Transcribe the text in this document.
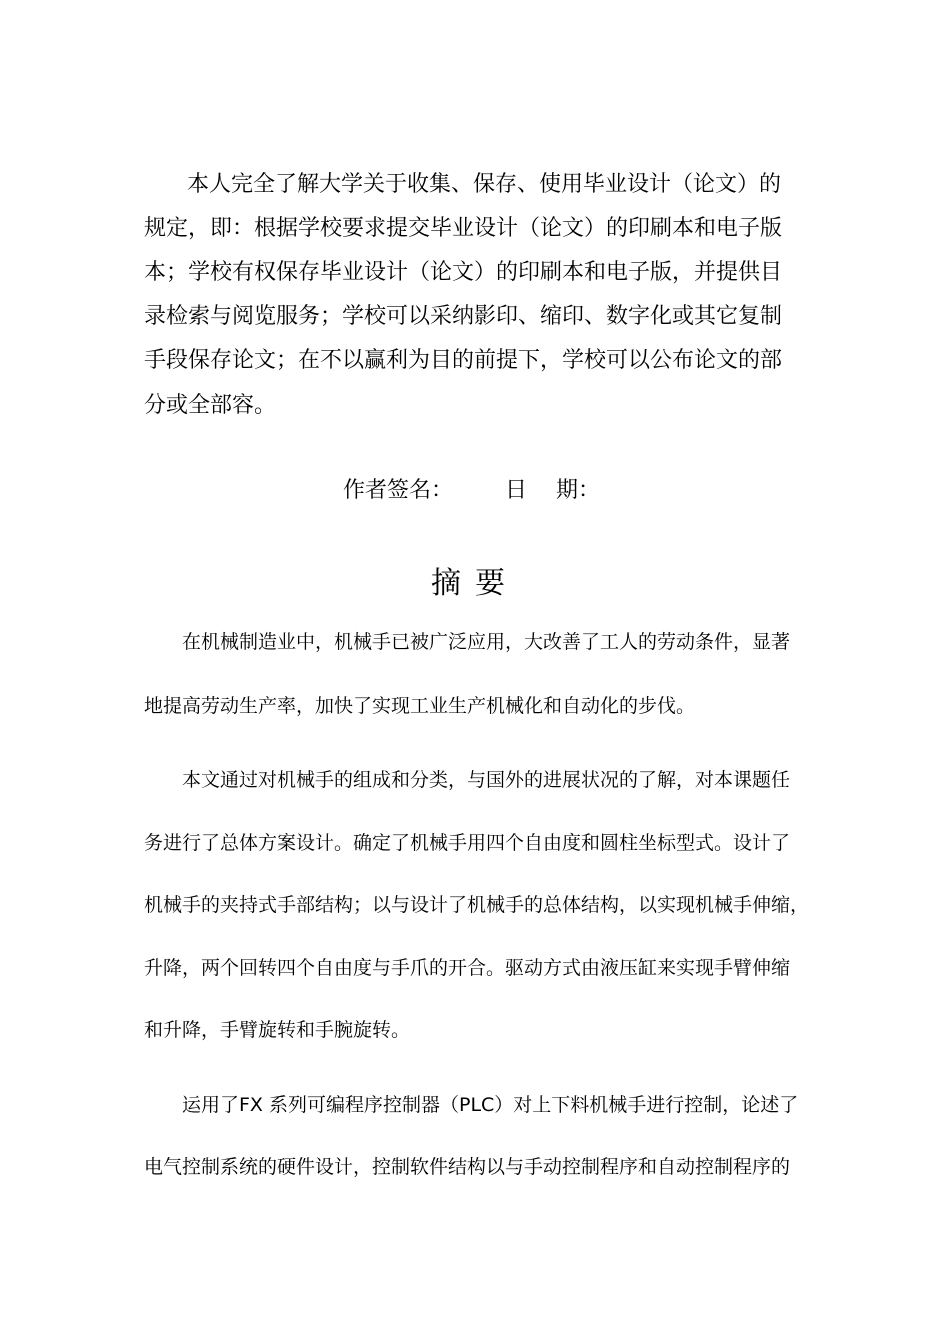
本人完全了解大学关于收集、保存、使用毕业设计（论文）的
规定，即：根据学校要求提交毕业设计（论文）的印刷本和电子版
本；学校有权保存毕业设计（论文）的印刷本和电子版，并提供目
录检索与阅览服务；学校可以采纳影印、缩印、数字化或其它复制
手段保存论文；在不以赢利为目的前提下，学校可以公布论文的部
分或全部容。
作者签名： 日　 期：
摘要
在机械制造业中，机械手已被广泛应用，大改善了工人的劳动条件，显著
地提高劳动生产率，加快了实现工业生产机械化和自动化的步伐。
本文通过对机械手的组成和分类，与国外的进展状况的了解，对本课题任
务进行了总体方案设计。确定了机械手用四个自由度和圆柱坐标型式。设计了
机械手的夹持式手部结构；以与设计了机械手的总体结构，以实现机械手伸缩，
升降，两个回转四个自由度与手爪的开合。驱动方式由液压缸来实现手臂伸缩
和升降，手臂旋转和手腕旋转。
运用了FX 系列可编程序控制器（PLC）对上下料机械手进行控制，论述了
电气控制系统的硬件设计，控制软件结构以与手动控制程序和自动控制程序的
